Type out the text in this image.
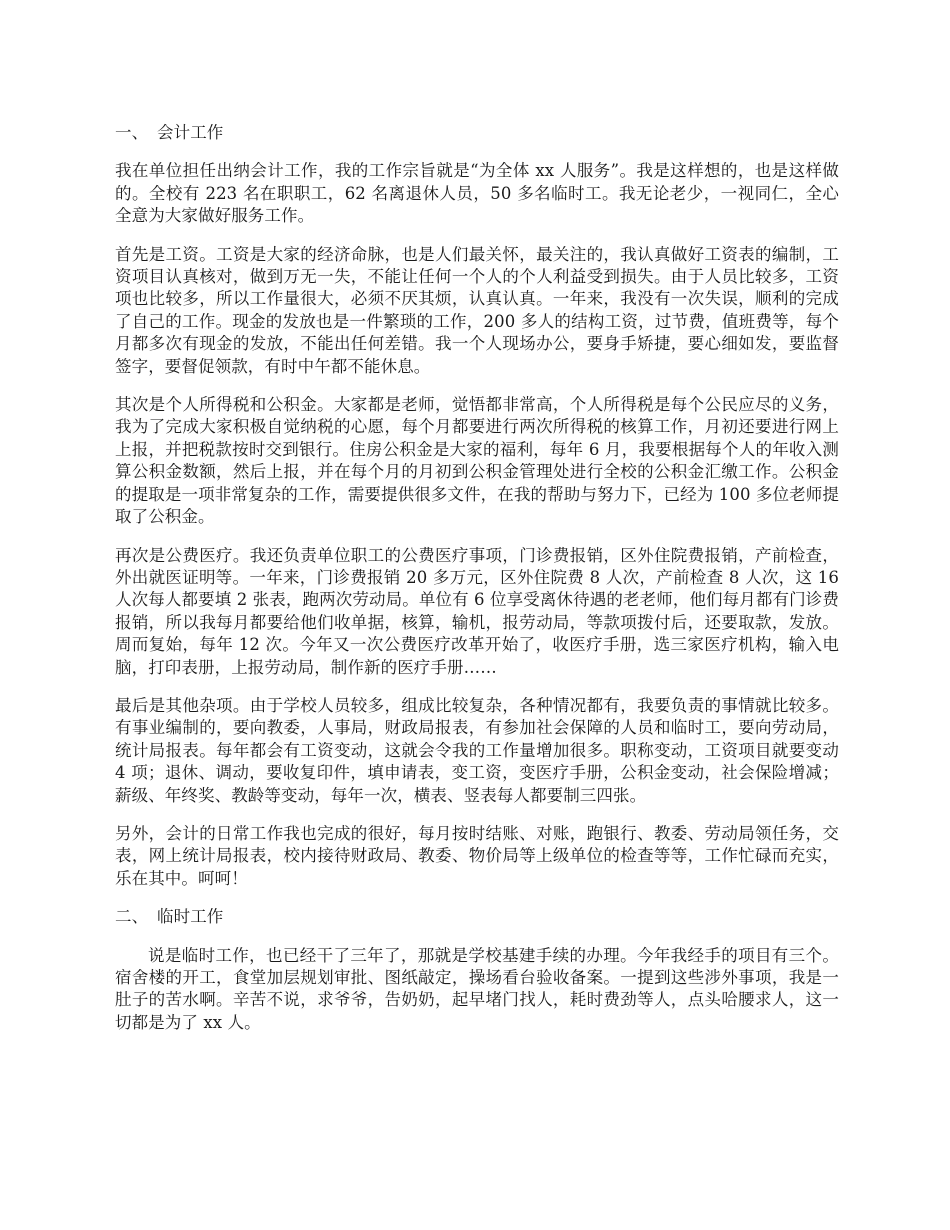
一、 会计工作

我在单位担任出纳会计工作，我的工作宗旨就是“为全体 xx 人服务”。我是这样想的，也是这样做的。全校有 223 名在职职工，62 名离退休人员，50 多名临时工。我无论老少，一视同仁，全心全意为大家做好服务工作。

首先是工资。工资是大家的经济命脉，也是人们最关怀，最关注的，我认真做好工资表的编制，工资项目认真核对，做到万无一失，不能让任何一个人的个人利益受到损失。由于人员比较多，工资项也比较多，所以工作量很大，必须不厌其烦，认真认真。一年来，我没有一次失误，顺利的完成了自己的工作。现金的发放也是一件繁琐的工作，200 多人的结构工资，过节费，值班费等，每个月都多次有现金的发放，不能出任何差错。我一个人现场办公，要身手矫捷，要心细如发，要监督签字，要督促领款，有时中午都不能休息。

其次是个人所得税和公积金。大家都是老师，觉悟都非常高，个人所得税是每个公民应尽的义务，我为了完成大家积极自觉纳税的心愿，每个月都要进行两次所得税的核算工作，月初还要进行网上上报，并把税款按时交到银行。住房公积金是大家的福利，每年 6 月，我要根据每个人的年收入测算公积金数额，然后上报，并在每个月的月初到公积金管理处进行全校的公积金汇缴工作。公积金的提取是一项非常复杂的工作，需要提供很多文件，在我的帮助与努力下，已经为 100 多位老师提取了公积金。

再次是公费医疗。我还负责单位职工的公费医疗事项，门诊费报销，区外住院费报销，产前检查，外出就医证明等。一年来，门诊费报销 20 多万元，区外住院费 8 人次，产前检查 8 人次，这 16 人次每人都要填 2 张表，跑两次劳动局。单位有 6 位享受离休待遇的老老师，他们每月都有门诊费报销，所以我每月都要给他们收单据，核算，输机，报劳动局，等款项拨付后，还要取款，发放。周而复始，每年 12 次。今年又一次公费医疗改革开始了，收医疗手册，选三家医疗机构，输入电脑，打印表册，上报劳动局，制作新的医疗手册……

最后是其他杂项。由于学校人员较多，组成比较复杂，各种情况都有，我要负责的事情就比较多。有事业编制的，要向教委，人事局，财政局报表，有参加社会保障的人员和临时工，要向劳动局，统计局报表。每年都会有工资变动，这就会令我的工作量增加很多。职称变动，工资项目就要变动 4 项；退休、调动，要收复印件，填申请表，变工资，变医疗手册，公积金变动，社会保险增减；薪级、年终奖、教龄等变动，每年一次，横表、竖表每人都要制三四张。

另外，会计的日常工作我也完成的很好，每月按时结账、对账，跑银行、教委、劳动局领任务，交表，网上统计局报表，校内接待财政局、教委、物价局等上级单位的检查等等，工作忙碌而充实，乐在其中。呵呵！

二、 临时工作

说是临时工作，也已经干了三年了，那就是学校基建手续的办理。今年我经手的项目有三个。宿舍楼的开工，食堂加层规划审批、图纸敲定，操场看台验收备案。一提到这些涉外事项，我是一肚子的苦水啊。辛苦不说，求爷爷，告奶奶，起早堵门找人，耗时费劲等人，点头哈腰求人，这一切都是为了 xx 人。
